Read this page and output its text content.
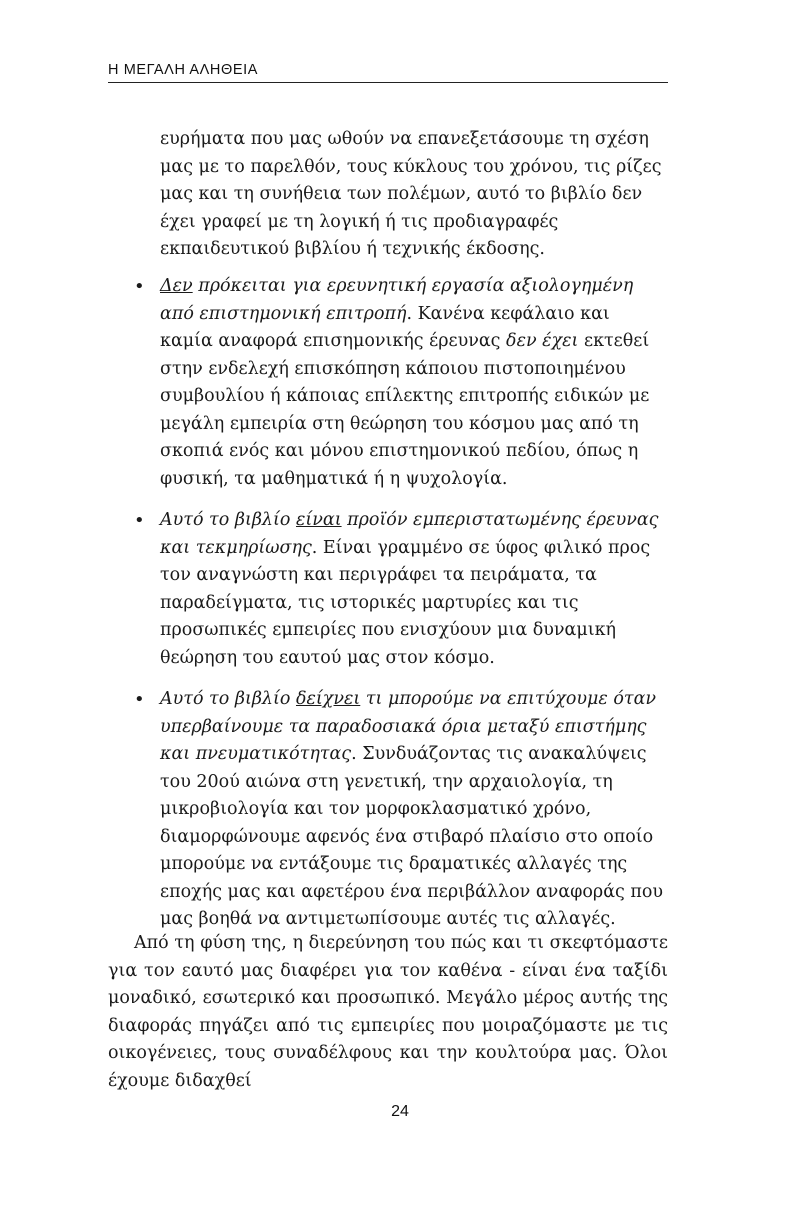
Η ΜΕΓΑΛΗ ΑΛΗΘΕΙΑ

ευρήματα που μας ωθούν να επανεξετάσουμε τη σχέση μας με το παρελθόν, τους κύκλους του χρόνου, τις ρίζες μας και τη συνήθεια των πολέμων, αυτό το βιβλίο δεν έχει γραφεί με τη λογική ή τις προδιαγραφές εκπαιδευτικού βιβλίου ή τεχνικής έκδοσης.

• Δεν πρόκειται για ερευνητική εργασία αξιολογημένη από επιστημονική επιτροπή. Κανένα κεφάλαιο και καμία αναφορά επισημονικής έρευνας δεν έχει εκτεθεί στην ενδελεχή επισκόπηση κάποιου πιστοποιημένου συμβουλίου ή κάποιας επίλεκτης επιτροπής ειδικών με μεγάλη εμπειρία στη θεώρηση του κόσμου μας από τη σκοπιά ενός και μόνου επιστημονικού πεδίου, όπως η φυσική, τα μαθηματικά ή η ψυχολογία.
• Αυτό το βιβλίο είναι προϊόν εμπεριστατωμένης έρευνας και τεκμηρίωσης. Είναι γραμμένο σε ύφος φιλικό προς τον αναγνώστη και περιγράφει τα πειράματα, τα παραδείγματα, τις ιστορικές μαρτυρίες και τις προσωπικές εμπειρίες που ενισχύουν μια δυναμική θεώρηση του εαυτού μας στον κόσμο.
• Αυτό το βιβλίο δείχνει τι μπορούμε να επιτύχουμε όταν υπερβαίνουμε τα παραδοσιακά όρια μεταξύ επιστήμης και πνευματικότητας. Συνδυάζοντας τις ανακαλύψεις του 20ού αιώνα στη γενετική, την αρχαιολογία, τη μικροβιολογία και τον μορφοκλασματικό χρόνο, διαμορφώνουμε αφενός ένα στιβαρό πλαίσιο στο οποίο μπορούμε να εντάξουμε τις δραματικές αλλαγές της εποχής μας και αφετέρου ένα περιβάλλον αναφοράς που μας βοηθά να αντιμετωπίσουμε αυτές τις αλλαγές.

Από τη φύση της, η διερεύνηση του πώς και τι σκεφτόμαστε για τον εαυτό μας διαφέρει για τον καθένα - είναι ένα ταξίδι μοναδικό, εσωτερικό και προσωπικό. Μεγάλο μέρος αυτής της διαφοράς πηγάζει από τις εμπειρίες που μοιραζόμαστε με τις οικογένειες, τους συναδέλφους και την κουλτούρα μας. Όλοι έχουμε διδαχθεί

24
